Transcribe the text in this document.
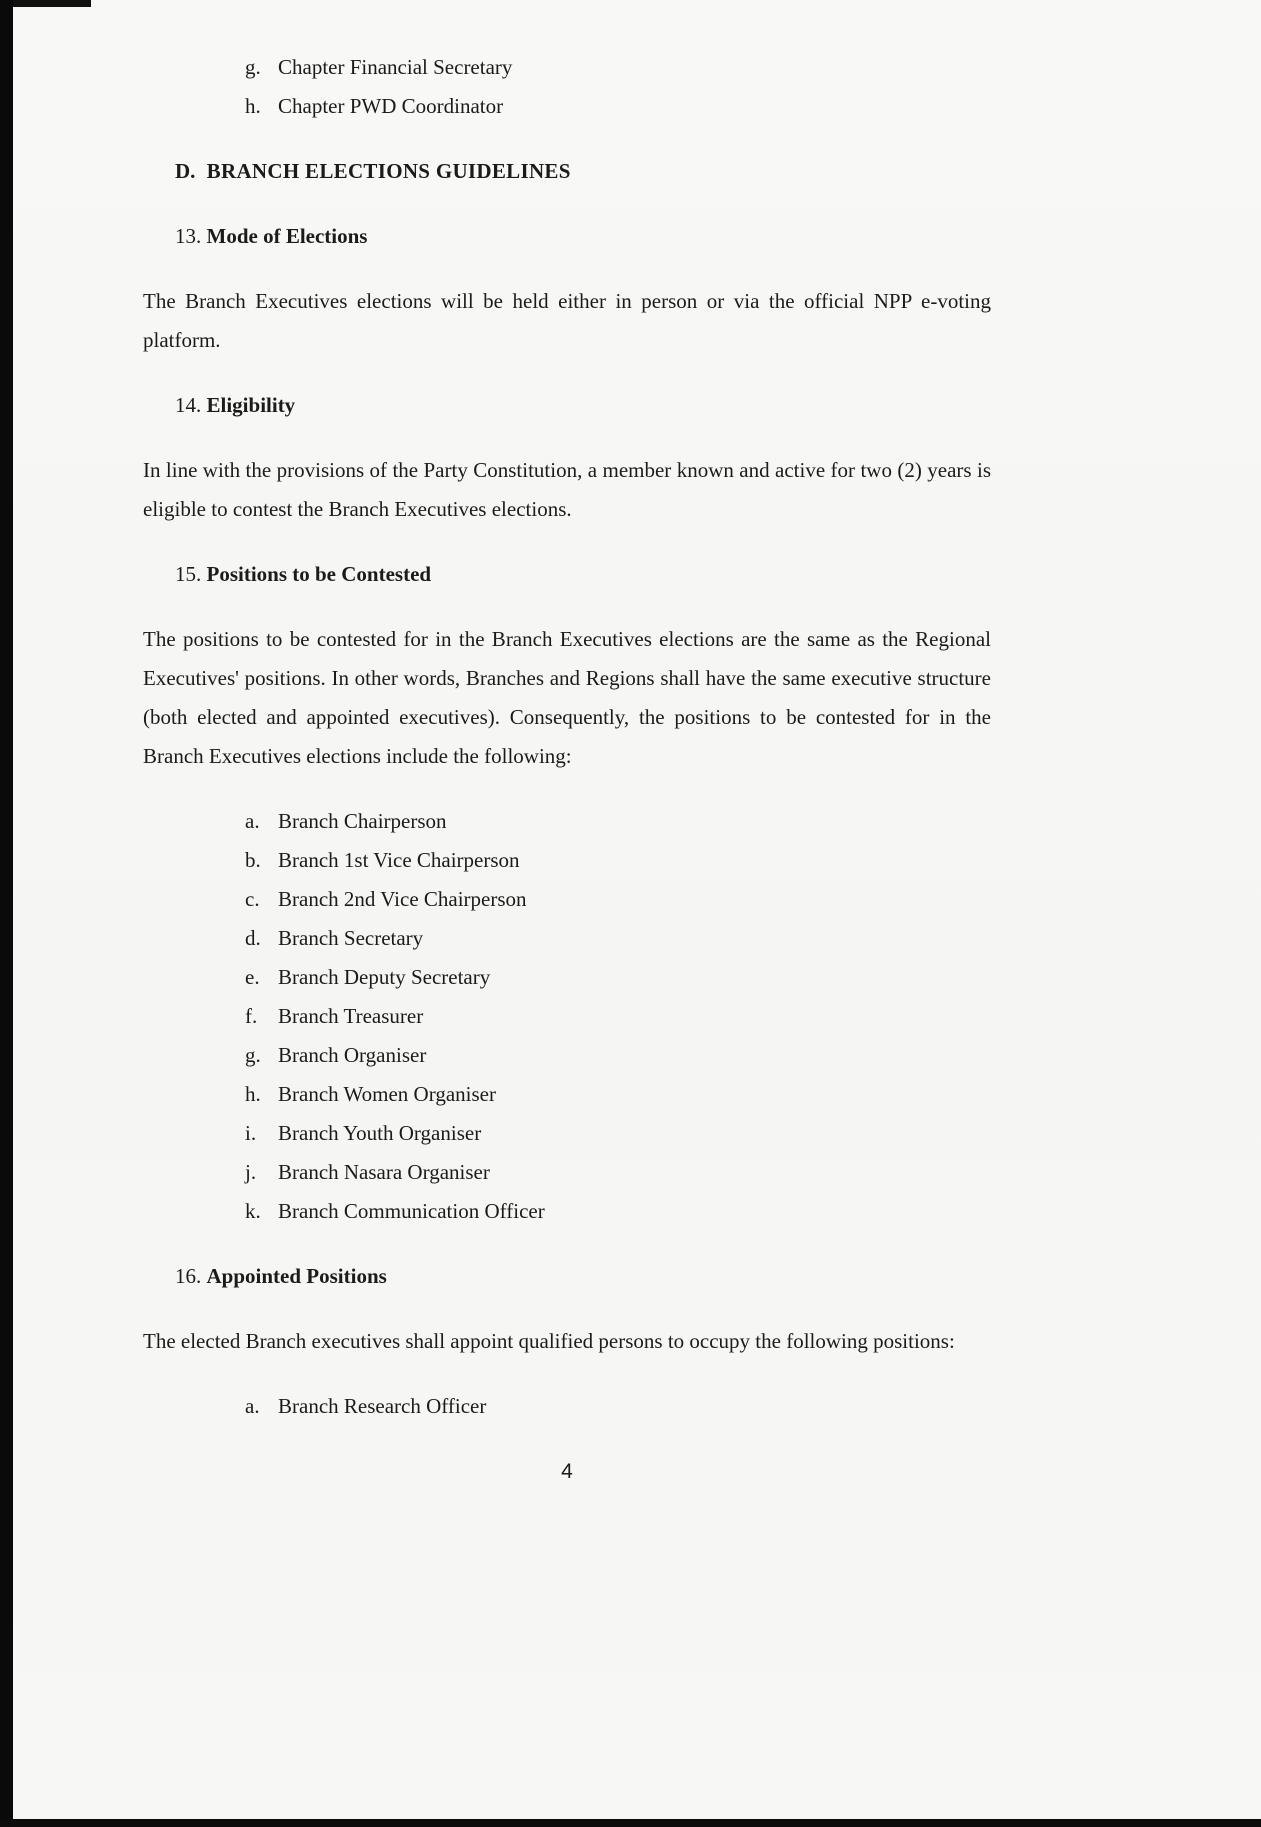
g. Chapter Financial Secretary
h. Chapter PWD Coordinator
D. BRANCH ELECTIONS GUIDELINES
13. Mode of Elections

The Branch Executives elections will be held either in person or via the official NPP e-voting platform.

14. Eligibility

In line with the provisions of the Party Constitution, a member known and active for two (2) years is eligible to contest the Branch Executives elections.

15. Positions to be Contested

The positions to be contested for in the Branch Executives elections are the same as the Regional Executives' positions. In other words, Branches and Regions shall have the same executive structure (both elected and appointed executives). Consequently, the positions to be contested for in the Branch Executives elections include the following:

a. Branch Chairperson
b. Branch 1st Vice Chairperson
c. Branch 2nd Vice Chairperson
d. Branch Secretary
e. Branch Deputy Secretary
f. Branch Treasurer
g. Branch Organiser
h. Branch Women Organiser
i.	Branch Youth Organiser
j.	Branch Nasara Organiser
k. Branch Communication Officer
16. Appointed Positions

The elected Branch executives shall appoint qualified persons to occupy the following positions:

a. Branch Research Officer
4
